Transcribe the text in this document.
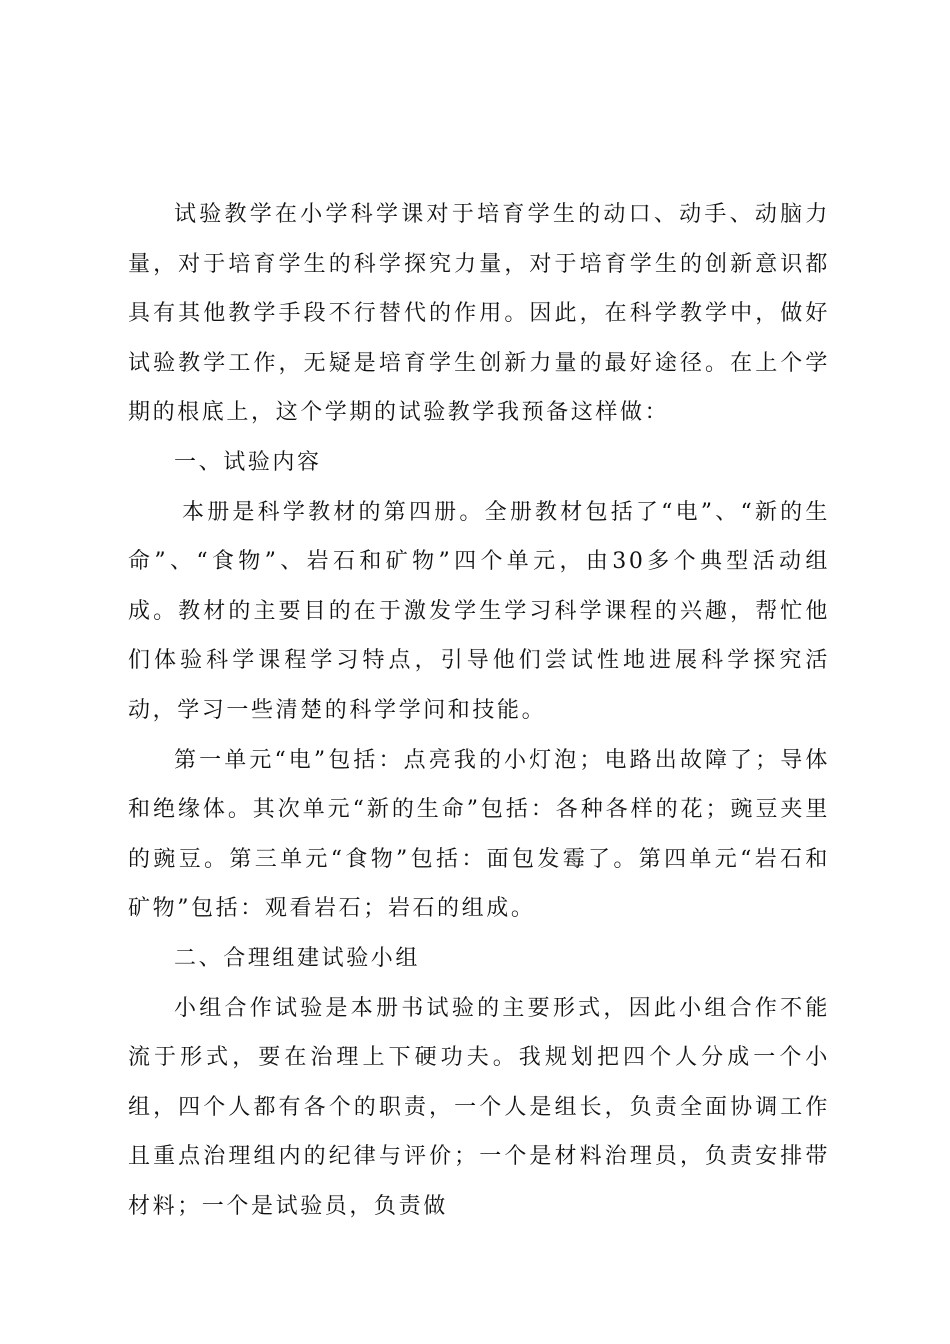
试验教学在小学科学课对于培育学生的动口、动手、动脑力量，对于培育学生的科学探究力量，对于培育学生的创新意识都具有其他教学手段不行替代的作用。因此，在科学教学中，做好试验教学工作，无疑是培育学生创新力量的最好途径。在上个学期的根底上，这个学期的试验教学我预备这样做：

一、试验内容

本册是科学教材的第四册。全册教材包括了“电”、“新的生命”、“食物”、岩石和矿物”四个单元，由30多个典型活动组成。教材的主要目的在于激发学生学习科学课程的兴趣，帮忙他们体验科学课程学习特点，引导他们尝试性地进展科学探究活动，学习一些清楚的科学学问和技能。

第一单元“电”包括：点亮我的小灯泡；电路出故障了；导体和绝缘体。其次单元“新的生命”包括：各种各样的花；豌豆夹里的豌豆。第三单元“食物”包括：面包发霉了。第四单元“岩石和矿物”包括：观看岩石；岩石的组成。

二、合理组建试验小组

小组合作试验是本册书试验的主要形式，因此小组合作不能流于形式，要在治理上下硬功夫。我规划把四个人分成一个小组，四个人都有各个的职责，一个人是组长，负责全面协调工作且重点治理组内的纪律与评价；一个是材料治理员，负责安排带材料；一个是试验员，负责做
